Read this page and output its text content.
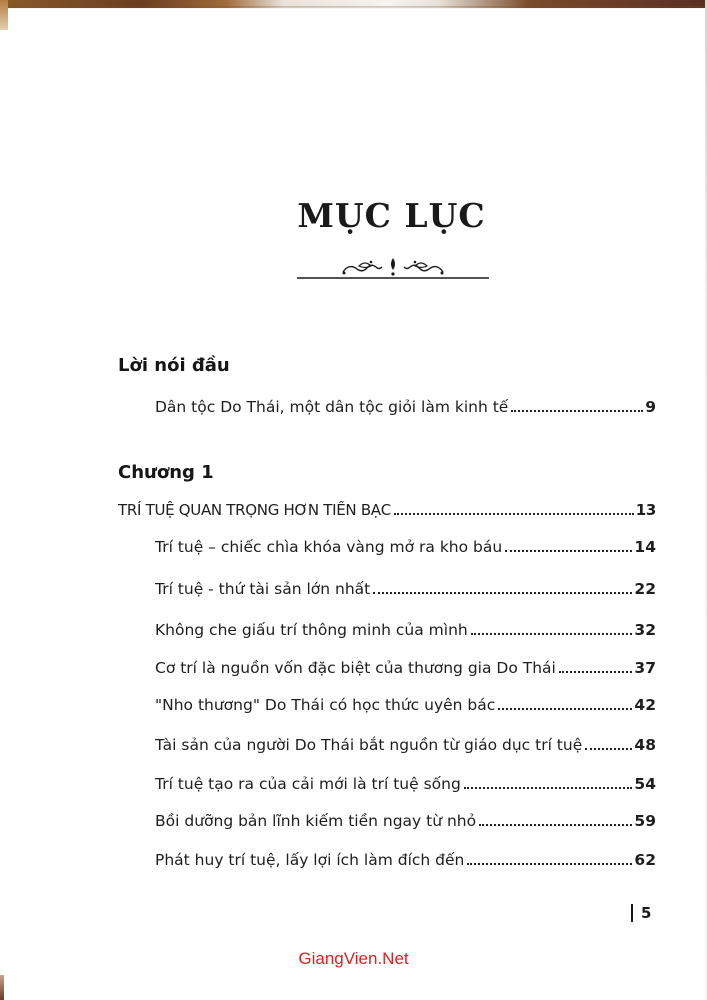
MỤC LỤC
Lời nói đầu
Dân tộc Do Thái, một dân tộc giỏi làm kinh tế	9
Chương 1
TRÍ TUỆ QUAN TRỌNG HƠN TIỀN BẠC	13
Trí tuệ – chiếc chìa khóa vàng mở ra kho báu	14
Trí tuệ - thứ tài sản lớn nhất	22
Không che giấu trí thông minh của mình	32
Cơ trí là nguồn vốn đặc biệt của thương gia Do Thái	37
"Nho thương" Do Thái có học thức uyên bác	42
Tài sản của người Do Thái bắt nguồn từ giáo dục trí tuệ	48
Trí tuệ tạo ra của cải mới là trí tuệ sống	54
Bồi dưỡng bản lĩnh kiếm tiền ngay từ nhỏ	59
Phát huy trí tuệ, lấy lợi ích làm đích đến	62
5
GiangVien.Net
